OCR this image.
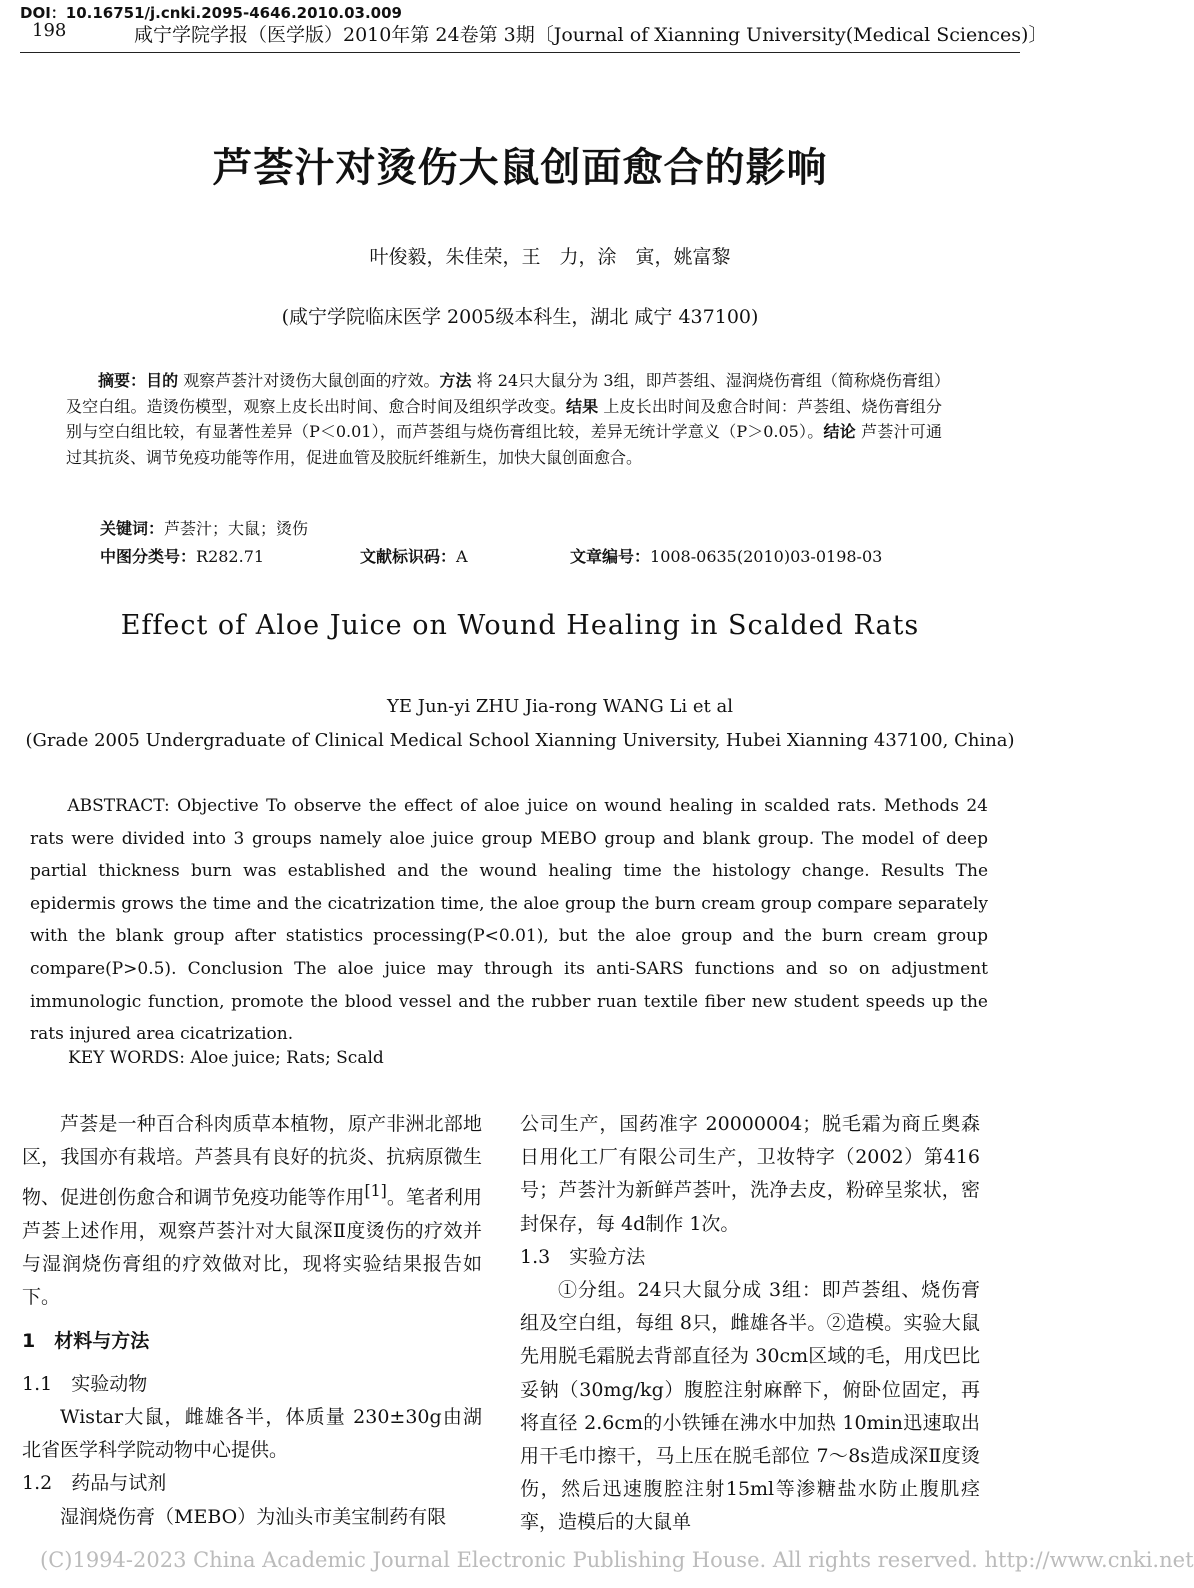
DOI：10.16751/j.cnki.2095-4646.2010.03.009
198	咸宁学院学报（医学版）2010年第 24卷第 3期〔Journal of Xianning University(Medical Sciences)〕
芦荟汁对烫伤大鼠创面愈合的影响
叶俊毅，朱佳荣，王　力，涂　寅，姚富黎
(咸宁学院临床医学 2005级本科生，湖北 咸宁 437100)
摘要：目的 观察芦荟汁对烫伤大鼠创面的疗效。方法 将 24只大鼠分为 3组，即芦荟组、湿润烧伤膏组（简称烧伤膏组）及空白组。造烫伤模型，观察上皮长出时间、愈合时间及组织学改变。结果 上皮长出时间及愈合时间：芦荟组、烧伤膏组分别与空白组比较，有显著性差异（P＜0.01），而芦荟组与烧伤膏组比较，差异无统计学意义（P＞0.05）。结论 芦荟汁可通过其抗炎、调节免疫功能等作用，促进血管及胶朊纤维新生，加快大鼠创面愈合。
关键词：芦荟汁；大鼠；烫伤
中图分类号：R282.71	文献标识码：A	文章编号：1008-0635(2010)03-0198-03
Effect of Aloe Juice on Wound Healing in Scalded Rats
YE Jun-yi ZHU Jia-rong WANG Li et al
(Grade 2005 Undergraduate of Clinical Medical School Xianning University, Hubei Xianning 437100, China)
ABSTRACT: Objective To observe the effect of aloe juice on wound healing in scalded rats. Methods 24 rats were divided into 3 groups namely aloe juice group MEBO group and blank group. The model of deep partial thickness burn was established and the wound healing time the histology change. Results The epidermis grows the time and the cicatrization time, the aloe group the burn cream group compare separately with the blank group after statistics processing(P<0.01), but the aloe group and the burn cream group compare(P>0.5). Conclusion The aloe juice may through its anti-SARS functions and so on adjustment immunologic function, promote the blood vessel and the rubber ruan textile fiber new student speeds up the rats injured area cicatrization.
KEY WORDS: Aloe juice; Rats; Scald

芦荟是一种百合科肉质草本植物，原产非洲北部地区，我国亦有栽培。芦荟具有良好的抗炎、抗病原微生物、促进创伤愈合和调节免疫功能等作用[1]。笔者利用芦荟上述作用，观察芦荟汁对大鼠深Ⅱ度烫伤的疗效并与湿润烧伤膏组的疗效做对比，现将实验结果报告如下。

1　材料与方法

1.1　实验动物

Wistar大鼠，雌雄各半，体质量 230±30g由湖北省医学科学院动物中心提供。

1.2　药品与试剂

湿润烧伤膏（MEBO）为汕头市美宝制药有限

公司生产，国药准字 20000004；脱毛霜为商丘奥森日用化工厂有限公司生产，卫妆特字（2002）第416号；芦荟汁为新鲜芦荟叶，洗净去皮，粉碎呈浆状，密封保存，每 4d制作 1次。

1.3　实验方法

①分组。24只大鼠分成 3组：即芦荟组、烧伤膏组及空白组，每组 8只，雌雄各半。②造模。实验大鼠先用脱毛霜脱去背部直径为 30cm区域的毛，用戊巴比妥钠（30mg/kg）腹腔注射麻醉下，俯卧位固定，再将直径 2.6cm的小铁锤在沸水中加热 10min迅速取出用干毛巾擦干，马上压在脱毛部位 7～8s造成深Ⅱ度烫伤，然后迅速腹腔注射15ml等渗糖盐水防止腹肌痉挛，造模后的大鼠单

(C)1994-2023 China Academic Journal Electronic Publishing House. All rights reserved. http://www.cnki.net
